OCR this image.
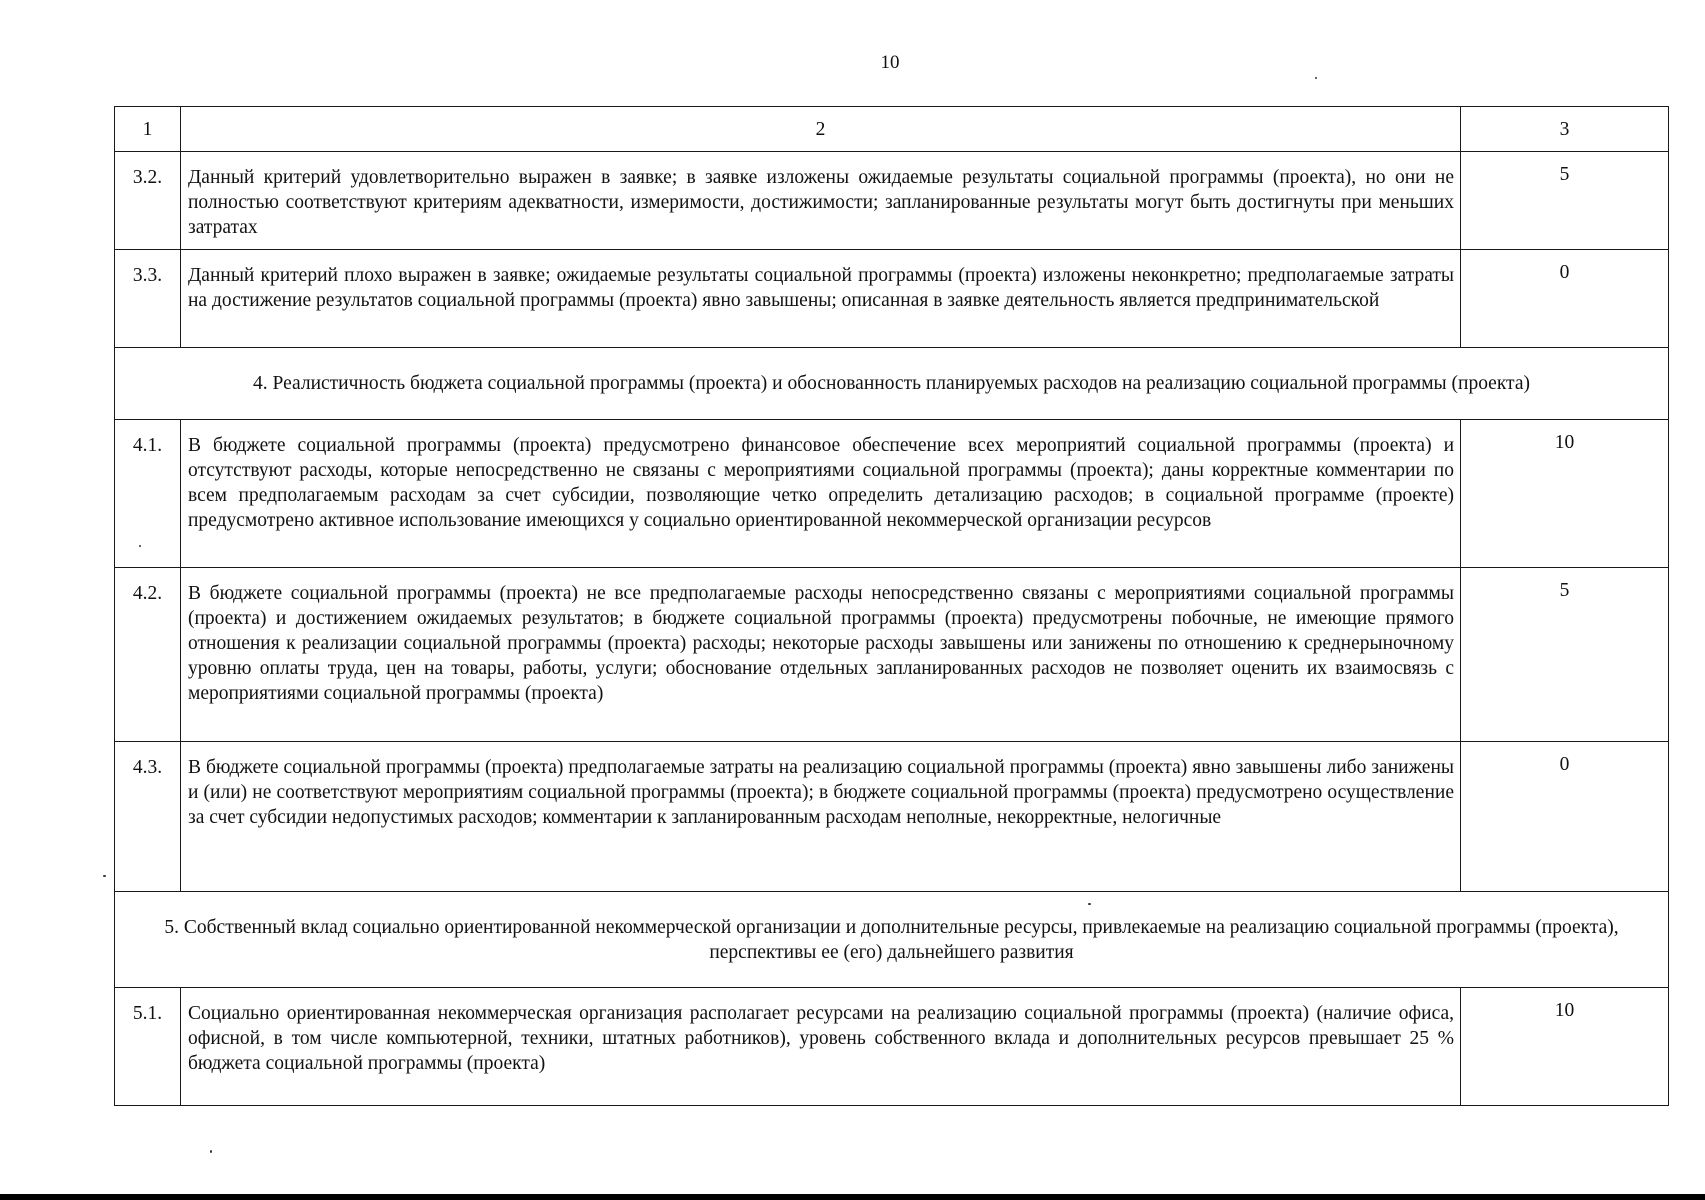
10
1	2	3
3.2.	Данный критерий удовлетворительно выражен в заявке; в заявке изложены ожидаемые результаты социальной программы (проекта), но они не полностью соответствуют критериям адекватности, измеримости, достижимости; запланированные результаты могут быть достигнуты при меньших затратах	5
3.3.	Данный критерий плохо выражен в заявке; ожидаемые результаты социальной программы (проекта) изложены неконкретно; предполагаемые затраты на достижение результатов социальной программы (проекта) явно завышены; описанная в заявке деятельность является предпринимательской	0
4. Реалистичность бюджета социальной программы (проекта) и обоснованность планируемых расходов на реализацию социальной программы (проекта)		
4.1.	В бюджете социальной программы (проекта) предусмотрено финансовое обеспечение всех мероприятий социальной программы (проекта) и отсутствуют расходы, которые непосредственно не связаны с мероприятиями социальной программы (проекта); даны корректные комментарии по всем предполагаемым расходам за счет субсидии, позволяющие четко определить детализацию расходов; в социальной программе (проекте) предусмотрено активное использование имеющихся у социально ориентированной некоммерческой организации ресурсов	10
4.2.	В бюджете социальной программы (проекта) не все предполагаемые расходы непосредственно связаны с мероприятиями социальной программы (проекта) и достижением ожидаемых результатов; в бюджете социальной программы (проекта) предусмотрены побочные, не имеющие прямого отношения к реализации социальной программы (проекта) расходы; некоторые расходы завышены или занижены по отношению к среднерыночному уровню оплаты труда, цен на товары, работы, услуги; обоснование отдельных запланированных расходов не позволяет оценить их взаимосвязь с мероприятиями социальной программы (проекта)	5
4.3.	В бюджете социальной программы (проекта) предполагаемые затраты на реализацию социальной программы (проекта) явно завышены либо занижены и (или) не соответствуют мероприятиям социальной программы (проекта); в бюджете социальной программы (проекта) предусмотрено осуществление за счет субсидии недопустимых расходов; комментарии к запланированным расходам неполные, некорректные, нелогичные	0
5. Собственный вклад социально ориентированной некоммерческой организации и дополнительные ресурсы, привлекаемые на реализацию социальной программы (проекта), перспективы ее (его) дальнейшего развития		
5.1.	Социально ориентированная некоммерческая организация располагает ресурсами на реализацию социальной программы (проекта) (наличие офиса, офисной, в том числе компьютерной, техники, штатных работников), уровень собственного вклада и дополнительных ресурсов превышает 25 % бюджета социальной программы (проекта)	10
